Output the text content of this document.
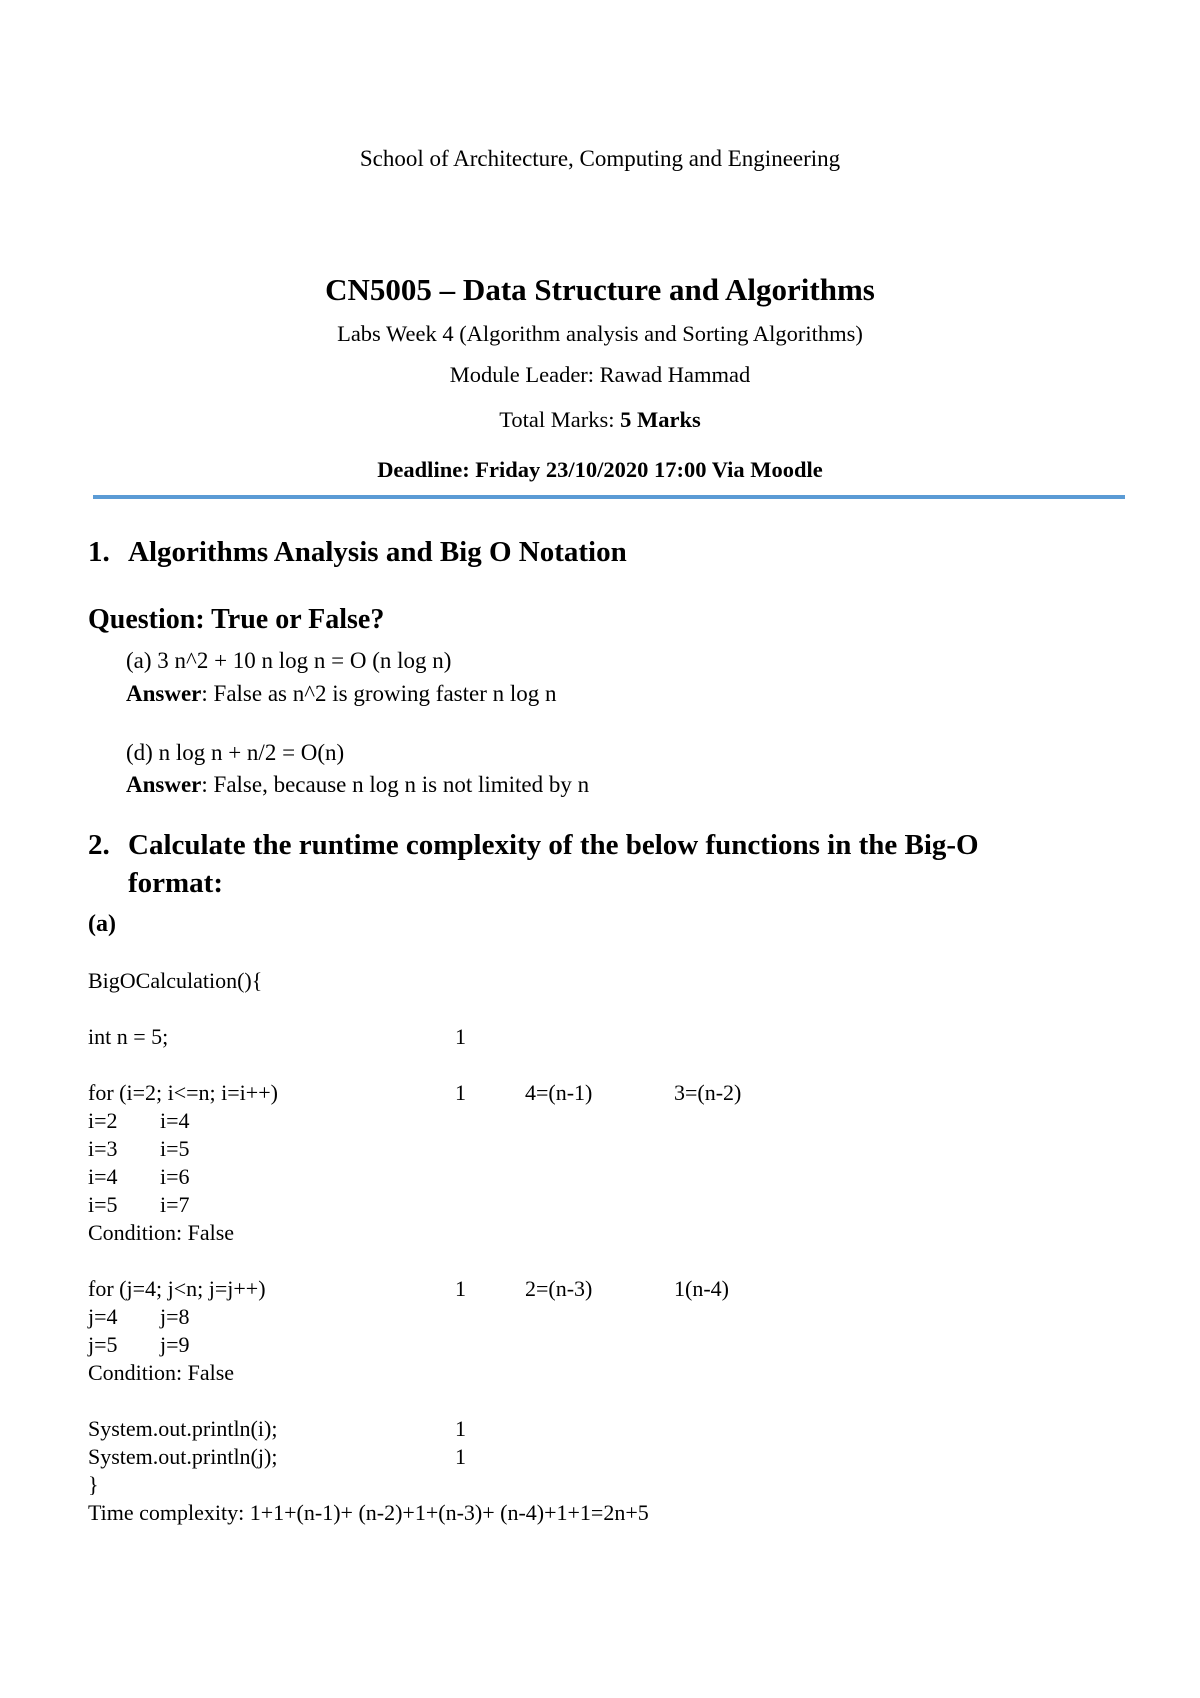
School of Architecture, Computing and Engineering
CN5005 – Data Structure and Algorithms
Labs Week 4 (Algorithm analysis and Sorting Algorithms)
Module Leader: Rawad Hammad
Total Marks: 5 Marks
Deadline: Friday 23/10/2020 17:00 Via Moodle
1. Algorithms Analysis and Big O Notation
Question: True or False?
(a) 3 n^2 + 10 n log n = O (n log n)
Answer: False as n^2 is growing faster n log n
(d) n log n + n/2 = O(n)
Answer: False, because n log n is not limited by n
2. Calculate the runtime complexity of the below functions in the Big-O
format:
(a)
BigOCalculation(){
int n = 5;	1
for (i=2; i<=n; i=i++)	1	4=(n-1)	3=(n-2)
i=2 i=4
i=3 i=5
i=4 i=6
i=5 i=7
Condition: False
for (j=4; j<n; j=j++)	1	2=(n-3)	1(n-4)
j=4 j=8
j=5 j=9
Condition: False
System.out.println(i);	1
System.out.println(j);	1
}
Time complexity: 1+1+(n-1)+ (n-2)+1+(n-3)+ (n-4)+1+1=2n+5
